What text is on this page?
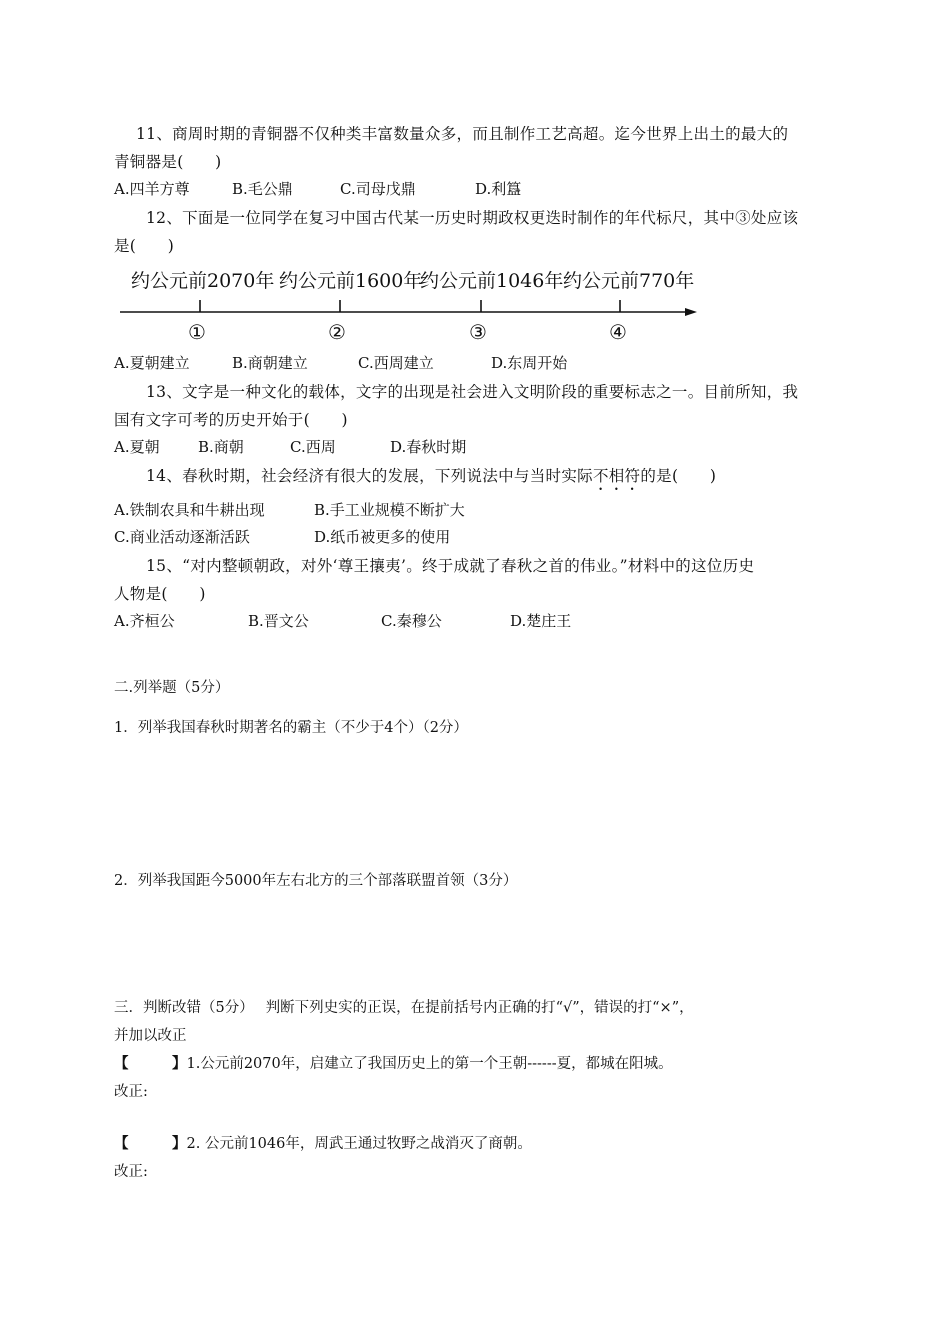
11、商周时期的青铜器不仅种类丰富数量众多，而且制作工艺高超。迄今世界上出土的最大的
青铜器是(　　)
A.四羊方尊	B.毛公鼎	C.司母戊鼎	D.利簋
12、下面是一位同学在复习中国古代某一历史时期政权更迭时制作的年代标尺，其中③处应该
是(　　)
约公元前2070年 约公元前1600年
约公元前1046年 约公元前770年
①	②	③	④
A.夏朝建立	B.商朝建立	C.西周建立	D.东周开始
13、文字是一种文化的载体，文字的出现是社会进入文明阶段的重要标志之一。目前所知，我
国有文字可考的历史开始于(　　)
A.夏朝	B.商朝	C.西周	D.春秋时期
14、春秋时期，社会经济有很大的发展，下列说法中与当时实际不相符的是(　　)
A.铁制农具和牛耕出现	B.手工业规模不断扩大
C.商业活动逐渐活跃	D.纸币被更多的使用
15、“对内整顿朝政，对外‘尊王攘夷’。终于成就了春秋之首的伟业。”材料中的这位历史
人物是(　　)
A.齐桓公	B.晋文公	C.秦穆公	D.楚庄王
二.列举题（5分）
1．列举我国春秋时期著名的霸主（不少于4个）（2分）
2．列举我国距今5000年左右北方的三个部落联盟首领（3分）
三．判断改错（5分）　 判断下列史实的正误，在提前括号内正确的打“√”，错误的打“×”，
并加以改正
【　　　】1.公元前2070年，启建立了我国历史上的第一个王朝------夏，都城在阳城。
改正:
【　　　】2. 公元前1046年，周武王通过牧野之战消灭了商朝。
改正:
